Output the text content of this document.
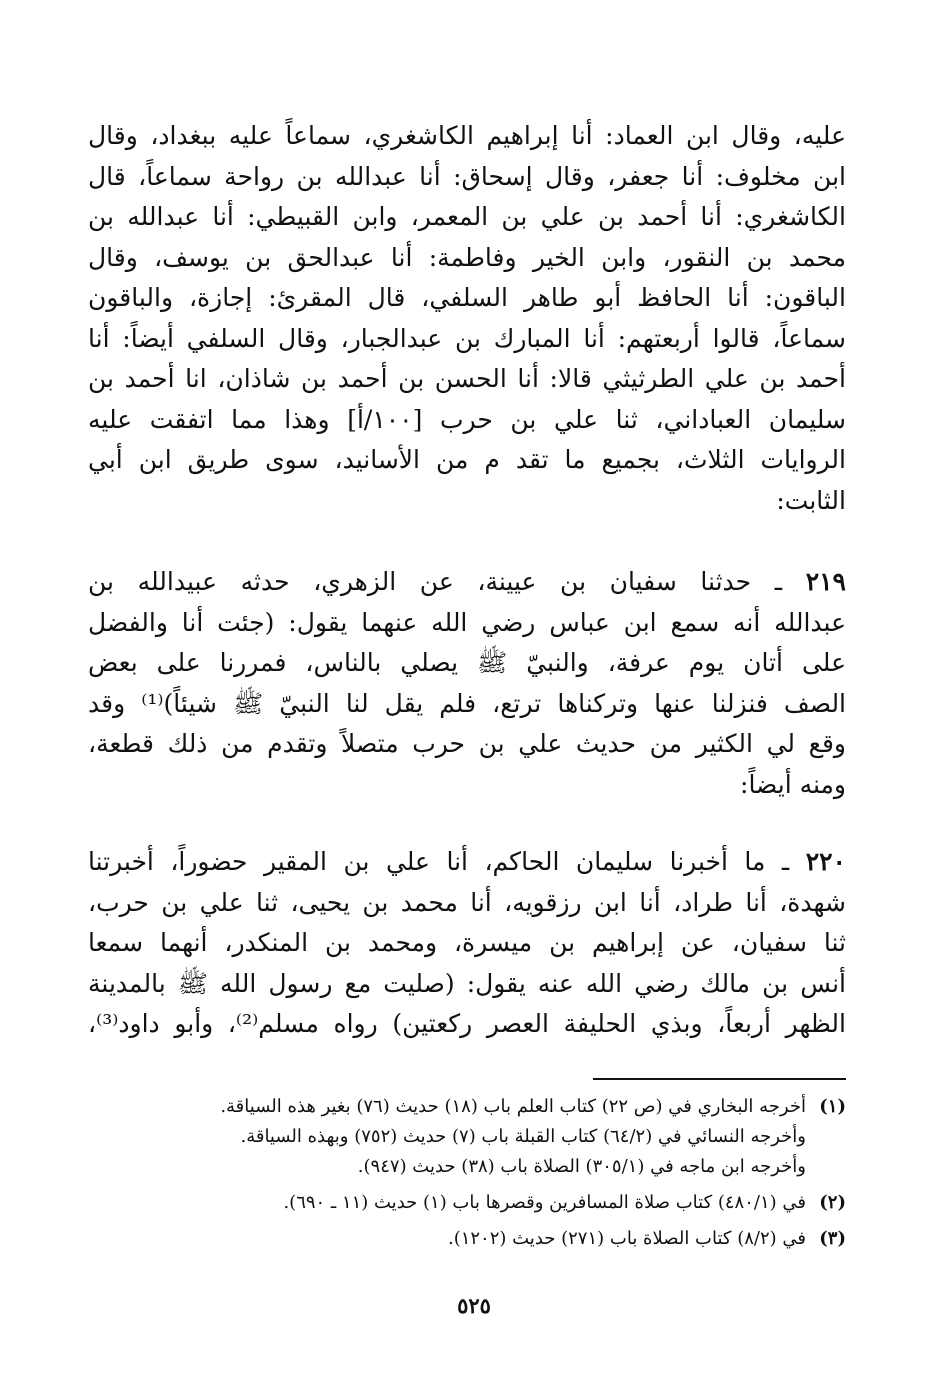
عليه، وقال ابن العماد: أنا إبراهيم الكاشغري، سماعاً عليه ببغداد، وقال
ابن مخلوف: أنا جعفر، وقال إسحاق: أنا عبدالله بن رواحة سماعاً، قال
الكاشغري: أنا أحمد بن علي بن المعمر، وابن القبيطي: أنا عبدالله بن
محمد بن النقور، وابن الخير وفاطمة: أنا عبدالحق بن يوسف، وقال
الباقون: أنا الحافظ أبو طاهر السلفي، قال المقرئ: إجازة، والباقون
سماعاً، قالوا أربعتهم: أنا المبارك بن عبدالجبار، وقال السلفي أيضاً: أنا
أحمد بن علي الطرثيثي قالا: أنا الحسن بن أحمد بن شاذان، انا أحمد بن
سليمان العباداني، ثنا علي بن حرب [١٠٠/أ] وهذا مما اتفقت عليه
الروايات الثلاث، بجميع ما تقد م من الأسانيد، سوى طريق ابن أبي
الثابت:
٢١٩ ـ حدثنا سفيان بن عيينة، عن الزهري، حدثه عبيدالله بن
عبدالله أنه سمع ابن عباس رضي الله عنهما يقول: (جئت أنا والفضل
على أتان يوم عرفة، والنبيّ ﷺ يصلي بالناس، فمررنا على بعض
الصف فنزلنا عنها وتركناها ترتع، فلم يقل لنا النبيّ ﷺ شيئاً)⁽¹⁾ وقد
وقع لي الكثير من حديث علي بن حرب متصلاً وتقدم من ذلك قطعة،
ومنه أيضاً:
٢٢٠ ـ ما أخبرنا سليمان الحاكم، أنا علي بن المقير حضوراً، أخبرتنا
شهدة، أنا طراد، أنا ابن رزقويه، أنا محمد بن يحيى، ثنا علي بن حرب،
ثنا سفيان، عن إبراهيم بن ميسرة، ومحمد بن المنكدر، أنهما سمعا
أنس بن مالك رضي الله عنه يقول: (صليت مع رسول الله ﷺ بالمدينة
الظهر أربعاً، وبذي الحليفة العصر ركعتين) رواه مسلم⁽²⁾، وأبو داود⁽³⁾،
(١)
أخرجه البخاري في (ص ٢٢) كتاب العلم باب (١٨) حديث (٧٦) بغير هذه السياقة.
وأخرجه النسائي في (٦٤/٢) كتاب القبلة باب (٧) حديث (٧٥٢) وبهذه السياقة.
وأخرجه ابن ماجه في (٣٠٥/١) الصلاة باب (٣٨) حديث (٩٤٧).
(٢)
في (٤٨٠/١) كتاب صلاة المسافرين وقصرها باب (١) حديث (١١ ـ ٦٩٠).
(٣)
في (٨/٢) كتاب الصلاة باب (٢٧١) حديث (١٢٠٢).
٥٢٥
